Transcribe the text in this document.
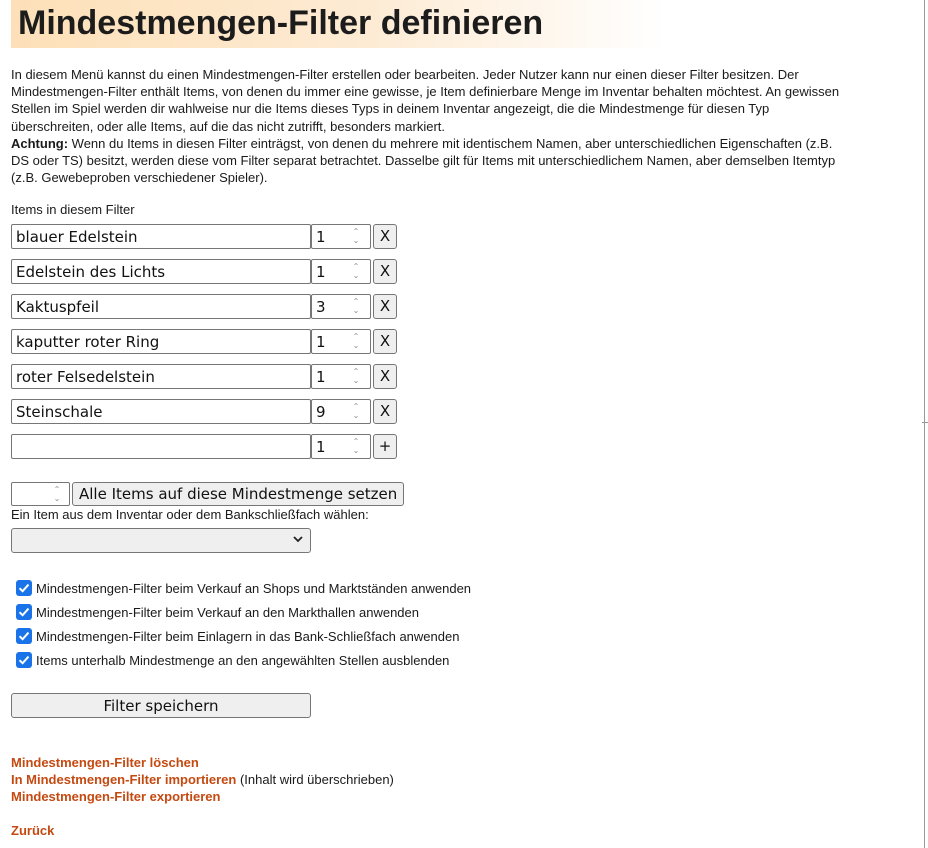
Mindestmengen-Filter definieren

In diesem Menü kannst du einen Mindestmengen-Filter erstellen oder bearbeiten. Jeder Nutzer kann nur einen dieser Filter besitzen. Der

Mindestmengen-Filter enthält Items, von denen du immer eine gewisse, je Item definierbare Menge im Inventar behalten möchtest. An gewissen

Stellen im Spiel werden dir wahlweise nur die Items dieses Typs in deinem Inventar angezeigt, die die Mindestmenge für diesen Typ

überschreiten, oder alle Items, auf die das nicht zutrifft, besonders markiert.

Achtung: Wenn du Items in diesen Filter einträgst, von denen du mehrere mit identischem Namen, aber unterschiedlichen Eigenschaften (z.B.

DS oder TS) besitzt, werden diese vom Filter separat betrachtet. Dasselbe gilt für Items mit unterschiedlichem Namen, aber demselben Itemtyp

(z.B. Gewebeproben verschiedener Spieler).

Items in diesem Filter
blauer Edelstein
1
⌃
⌄	X
Edelstein des Lichts
1
⌃
⌄	X
Kaktuspfeil
3
⌃
⌄	X
kaputter roter Ring
1
⌃
⌄	X
roter Felsedelstein
1
⌃
⌄	X
Steinschale
9
⌃
⌄	X
1
⌃
⌄	+
⌃
⌄	Alle Items auf diese Mindestmenge setzen
Ein Item aus dem Inventar oder dem Bankschließfach wählen:
Mindestmengen-Filter beim Verkauf an Shops und Marktständen anwenden
Mindestmengen-Filter beim Verkauf an den Markthallen anwenden
Mindestmengen-Filter beim Einlagern in das Bank-Schließfach anwenden
Items unterhalb Mindestmenge an den angewählten Stellen ausblenden
Filter speichern
Mindestmengen-Filter löschen
In Mindestmengen-Filter importieren (Inhalt wird überschrieben)
Mindestmengen-Filter exportieren
Zurück
